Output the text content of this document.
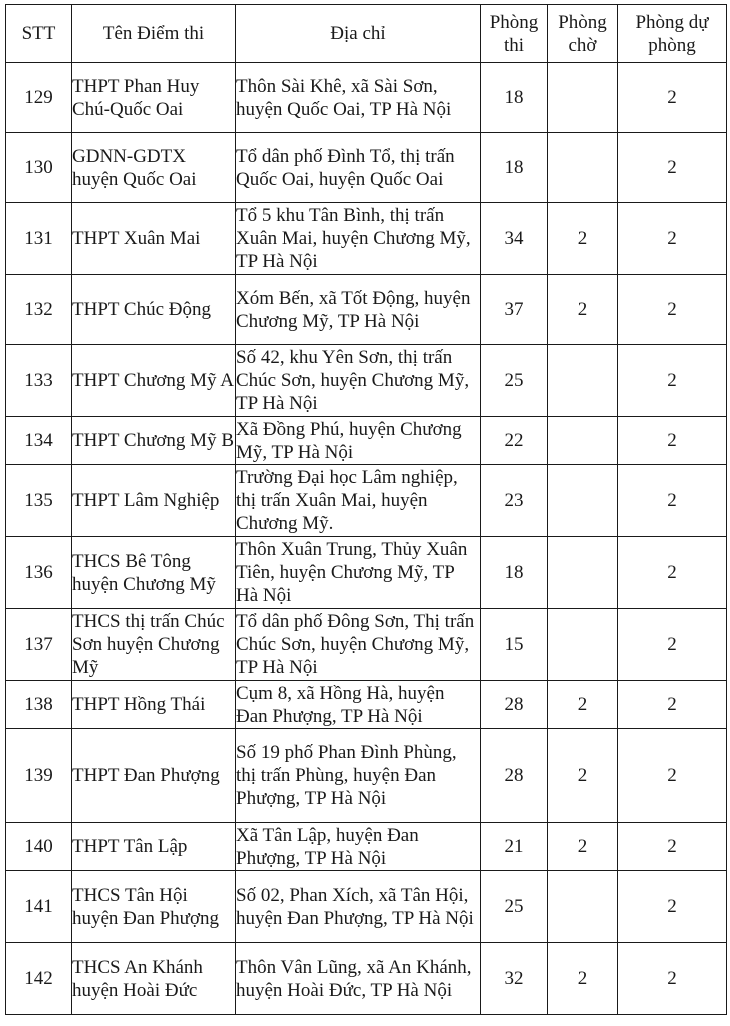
STT	Tên Điểm thi	Địa chỉ	Phòng thi	Phòng chờ	Phòng dự phòng
129	THPT Phan Huy Chú-Quốc Oai	Thôn Sài Khê, xã Sài Sơn, huyện Quốc Oai, TP Hà Nội	18		2
130	GDNN-GDTX huyện Quốc Oai	Tổ dân phố Đình Tổ, thị trấn Quốc Oai, huyện Quốc Oai	18		2
131	THPT Xuân Mai	Tổ 5 khu Tân Bình, thị trấn Xuân Mai, huyện Chương Mỹ, TP Hà Nội	34	2	2
132	THPT Chúc Động	Xóm Bến, xã Tốt Động, huyện Chương Mỹ, TP Hà Nội	37	2	2
133	THPT Chương Mỹ A	Số 42, khu Yên Sơn, thị trấn Chúc Sơn, huyện Chương Mỹ, TP Hà Nội	25		2
134	THPT Chương Mỹ B	Xã Đồng Phú, huyện Chương Mỹ, TP Hà Nội	22		2
135	THPT Lâm Nghiệp	Trường Đại học Lâm nghiệp, thị trấn Xuân Mai, huyện Chương Mỹ.	23		2
136	THCS Bê Tông huyện Chương Mỹ	Thôn Xuân Trung, Thủy Xuân Tiên, huyện Chương Mỹ, TP Hà Nội	18		2
137	THCS thị trấn Chúc Sơn huyện Chương Mỹ	Tổ dân phố Đông Sơn, Thị trấn Chúc Sơn, huyện Chương Mỹ, TP Hà Nội	15		2
138	THPT Hồng Thái	Cụm 8, xã Hồng Hà, huyện Đan Phượng, TP Hà Nội	28	2	2
139	THPT Đan Phượng	Số 19 phố Phan Đình Phùng, thị trấn Phùng, huyện Đan Phượng, TP Hà Nội	28	2	2
140	THPT Tân Lập	Xã Tân Lập, huyện Đan Phượng, TP Hà Nội	21	2	2
141	THCS Tân Hội huyện Đan Phượng	Số 02, Phan Xích, xã Tân Hội, huyện Đan Phượng, TP Hà Nội	25		2
142	THCS An Khánh huyện Hoài Đức	Thôn Vân Lũng, xã An Khánh, huyện Hoài Đức, TP Hà Nội	32	2	2
